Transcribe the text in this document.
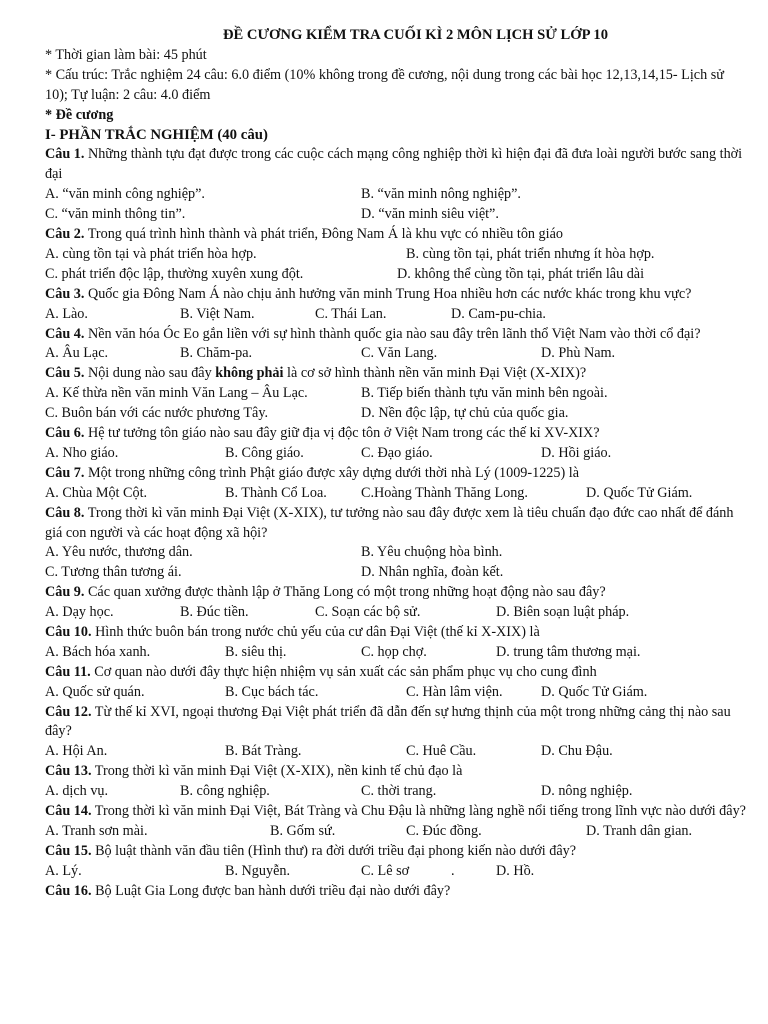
ĐỀ CƯƠNG KIỂM TRA CUỐI KÌ 2 MÔN LỊCH SỬ LỚP 10
* Thời gian làm bài: 45 phút
* Cấu trúc: Trắc nghiệm 24 câu: 6.0 điểm (10% không trong đề cương, nội dung trong các bài học 12,13,14,15- Lịch sử 10); Tự luận: 2 câu: 4.0 điểm
* Đề cương
I- PHẦN TRẮC NGHIỆM (40 câu)
Câu 1. Những thành tựu đạt được trong các cuộc cách mạng công nghiệp thời kì hiện đại đã đưa loài người bước sang thời đại
A. “văn minh công nghiệp”.	B. “văn minh nông nghiệp”.
C. “văn minh thông tin”.	D. “văn minh siêu việt”.
Câu 2. Trong quá trình hình thành và phát triển, Đông Nam Á là khu vực có nhiều tôn giáo
A. cùng tồn tại và phát triển hòa hợp.	B. cùng tồn tại, phát triển nhưng ít hòa hợp.
C. phát triển độc lập, thường xuyên xung đột.	D. không thể cùng tồn tại, phát triển lâu dài
Câu 3. Quốc gia Đông Nam Á nào chịu ảnh hưởng văn minh Trung Hoa nhiều hơn các nước khác trong khu vực?
A. Lào.	B. Việt Nam.	C. Thái Lan.	D. Cam-pu-chia.
Câu 4. Nền văn hóa Óc Eo gắn liền với sự hình thành quốc gia nào sau đây trên lãnh thổ Việt Nam vào thời cổ đại?
A. Âu Lạc.	B. Chăm-pa.	C. Văn Lang.	D. Phù Nam.
Câu 5. Nội dung nào sau đây không phải là cơ sở hình thành nền văn minh Đại Việt (X-XIX)?
A. Kế thừa nền văn minh Văn Lang – Âu Lạc.	B. Tiếp biến thành tựu văn minh bên ngoài.
C. Buôn bán với các nước phương Tây.	D. Nền độc lập, tự chủ của quốc gia.
Câu 6. Hệ tư tưởng tôn giáo nào sau đây giữ địa vị độc tôn ở Việt Nam trong các thế kỉ XV-XIX?
A. Nho giáo.	B. Công giáo.	C. Đạo giáo.	D. Hồi giáo.
Câu 7. Một trong những công trình Phật giáo được xây dựng dưới thời nhà Lý (1009-1225) là
A. Chùa Một Cột.	B. Thành Cổ Loa. C.Hoàng Thành Thăng Long.	D. Quốc Tử Giám.
Câu 8. Trong thời kì văn minh Đại Việt (X-XIX), tư tưởng nào sau đây được xem là tiêu chuẩn đạo đức cao nhất để đánh giá con người và các hoạt động xã hội?
A. Yêu nước, thương dân.	B. Yêu chuộng hòa bình.
C. Tương thân tương ái.	D. Nhân nghĩa, đoàn kết.
Câu 9. Các quan xưởng được thành lập ở Thăng Long có một trong những hoạt động nào sau đây?
A. Dạy học.	B. Đúc tiền.	C. Soạn các bộ sử.	D. Biên soạn luật pháp.
Câu 10. Hình thức buôn bán trong nước chủ yếu của cư dân Đại Việt (thế kỉ X-XIX) là
A. Bách hóa xanh.	B. siêu thị.	C. họp chợ.	D. trung tâm thương mại.
Câu 11. Cơ quan nào dưới đây thực hiện nhiệm vụ sản xuất các sản phẩm phục vụ cho cung đình
A. Quốc sử quán.	B. Cục bách tác.	C. Hàn lâm viện.	D. Quốc Tử Giám.
Câu 12. Từ thế kỉ XVI, ngoại thương Đại Việt phát triển đã dẫn đến sự hưng thịnh của một trong những cảng thị nào sau đây?
A. Hội An.	B. Bát Tràng.	C. Huê Cầu.	D. Chu Đậu.
Câu 13. Trong thời kì văn minh Đại Việt (X-XIX), nền kinh tế chủ đạo là
A. dịch vụ.	B. công nghiệp.	C. thời trang.	D. nông nghiệp.
Câu 14. Trong thời kì văn minh Đại Việt, Bát Tràng và Chu Đậu là những làng nghề nổi tiếng trong lĩnh vực nào dưới đây?
A. Tranh sơn mài.	B. Gốm sứ.	C. Đúc đồng.	D. Tranh dân gian.
Câu 15. Bộ luật thành văn đầu tiên (Hình thư) ra đời dưới triều đại phong kiến nào dưới đây?
A. Lý.	B. Nguyễn.	C. Lê sơ	.	D. Hồ.
Câu 16. Bộ Luật Gia Long được ban hành dưới triều đại nào dưới đây?
